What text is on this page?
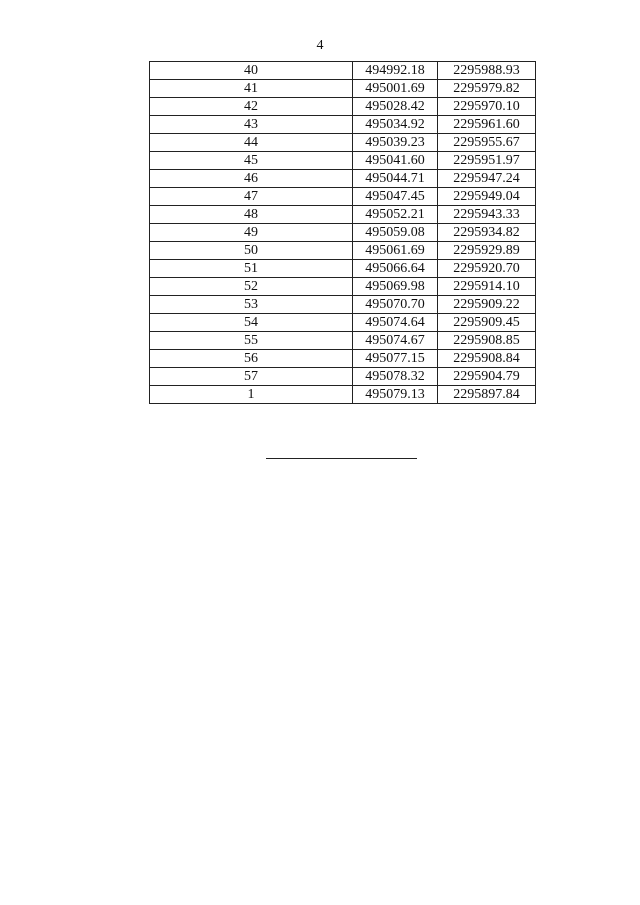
4
40	494992.18	2295988.93
41	495001.69	2295979.82
42	495028.42	2295970.10
43	495034.92	2295961.60
44	495039.23	2295955.67
45	495041.60	2295951.97
46	495044.71	2295947.24
47	495047.45	2295949.04
48	495052.21	2295943.33
49	495059.08	2295934.82
50	495061.69	2295929.89
51	495066.64	2295920.70
52	495069.98	2295914.10
53	495070.70	2295909.22
54	495074.64	2295909.45
55	495074.67	2295908.85
56	495077.15	2295908.84
57	495078.32	2295904.79
1	495079.13	2295897.84
